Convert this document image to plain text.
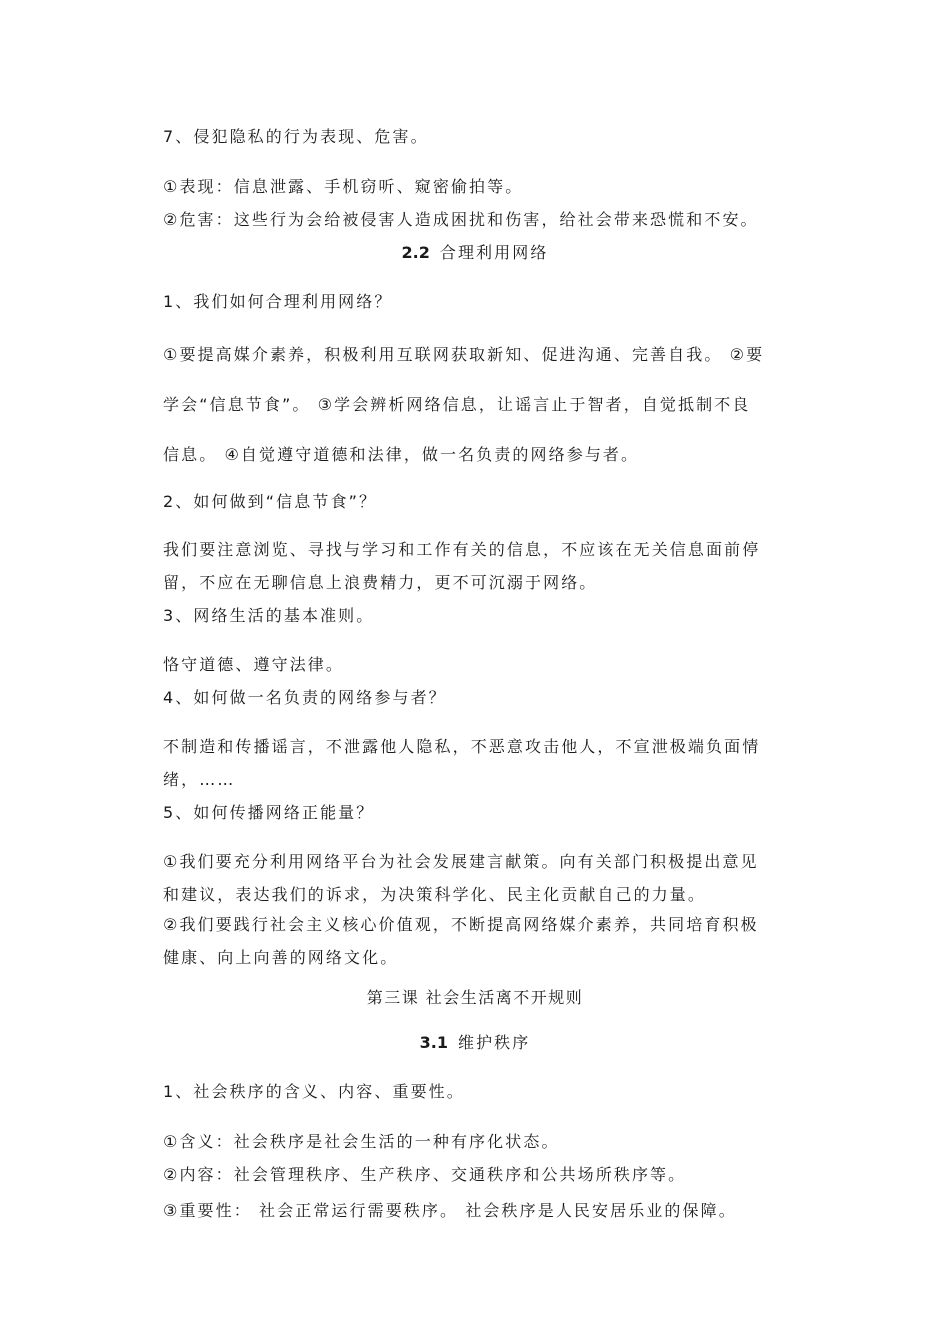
7、侵犯隐私的行为表现、危害。
①表现：信息泄露、手机窃听、窥密偷拍等。
②危害：这些行为会给被侵害人造成困扰和伤害，给社会带来恐慌和不安。
2.2 合理利用网络
1、我们如何合理利用网络？
①要提高媒介素养，积极利用互联网获取新知、促进沟通、完善自我。 ②要
学会“信息节食”。 ③学会辨析网络信息，让谣言止于智者，自觉抵制不良
信息。 ④自觉遵守道德和法律，做一名负责的网络参与者。
2、如何做到“信息节食”？
我们要注意浏览、寻找与学习和工作有关的信息，不应该在无关信息面前停
留，不应在无聊信息上浪费精力，更不可沉溺于网络。
3、网络生活的基本准则。
恪守道德、遵守法律。
4、如何做一名负责的网络参与者？
不制造和传播谣言，不泄露他人隐私，不恶意攻击他人，不宣泄极端负面情
绪，……
5、如何传播网络正能量？
①我们要充分利用网络平台为社会发展建言献策。向有关部门积极提出意见
和建议，表达我们的诉求，为决策科学化、民主化贡献自己的力量。
②我们要践行社会主义核心价值观，不断提高网络媒介素养，共同培育积极
健康、向上向善的网络文化。
第三课 社会生活离不开规则
3.1 维护秩序
1、社会秩序的含义、内容、重要性。
①含义：社会秩序是社会生活的一种有序化状态。
②内容：社会管理秩序、生产秩序、交通秩序和公共场所秩序等。
③重要性： 社会正常运行需要秩序。 社会秩序是人民安居乐业的保障。
